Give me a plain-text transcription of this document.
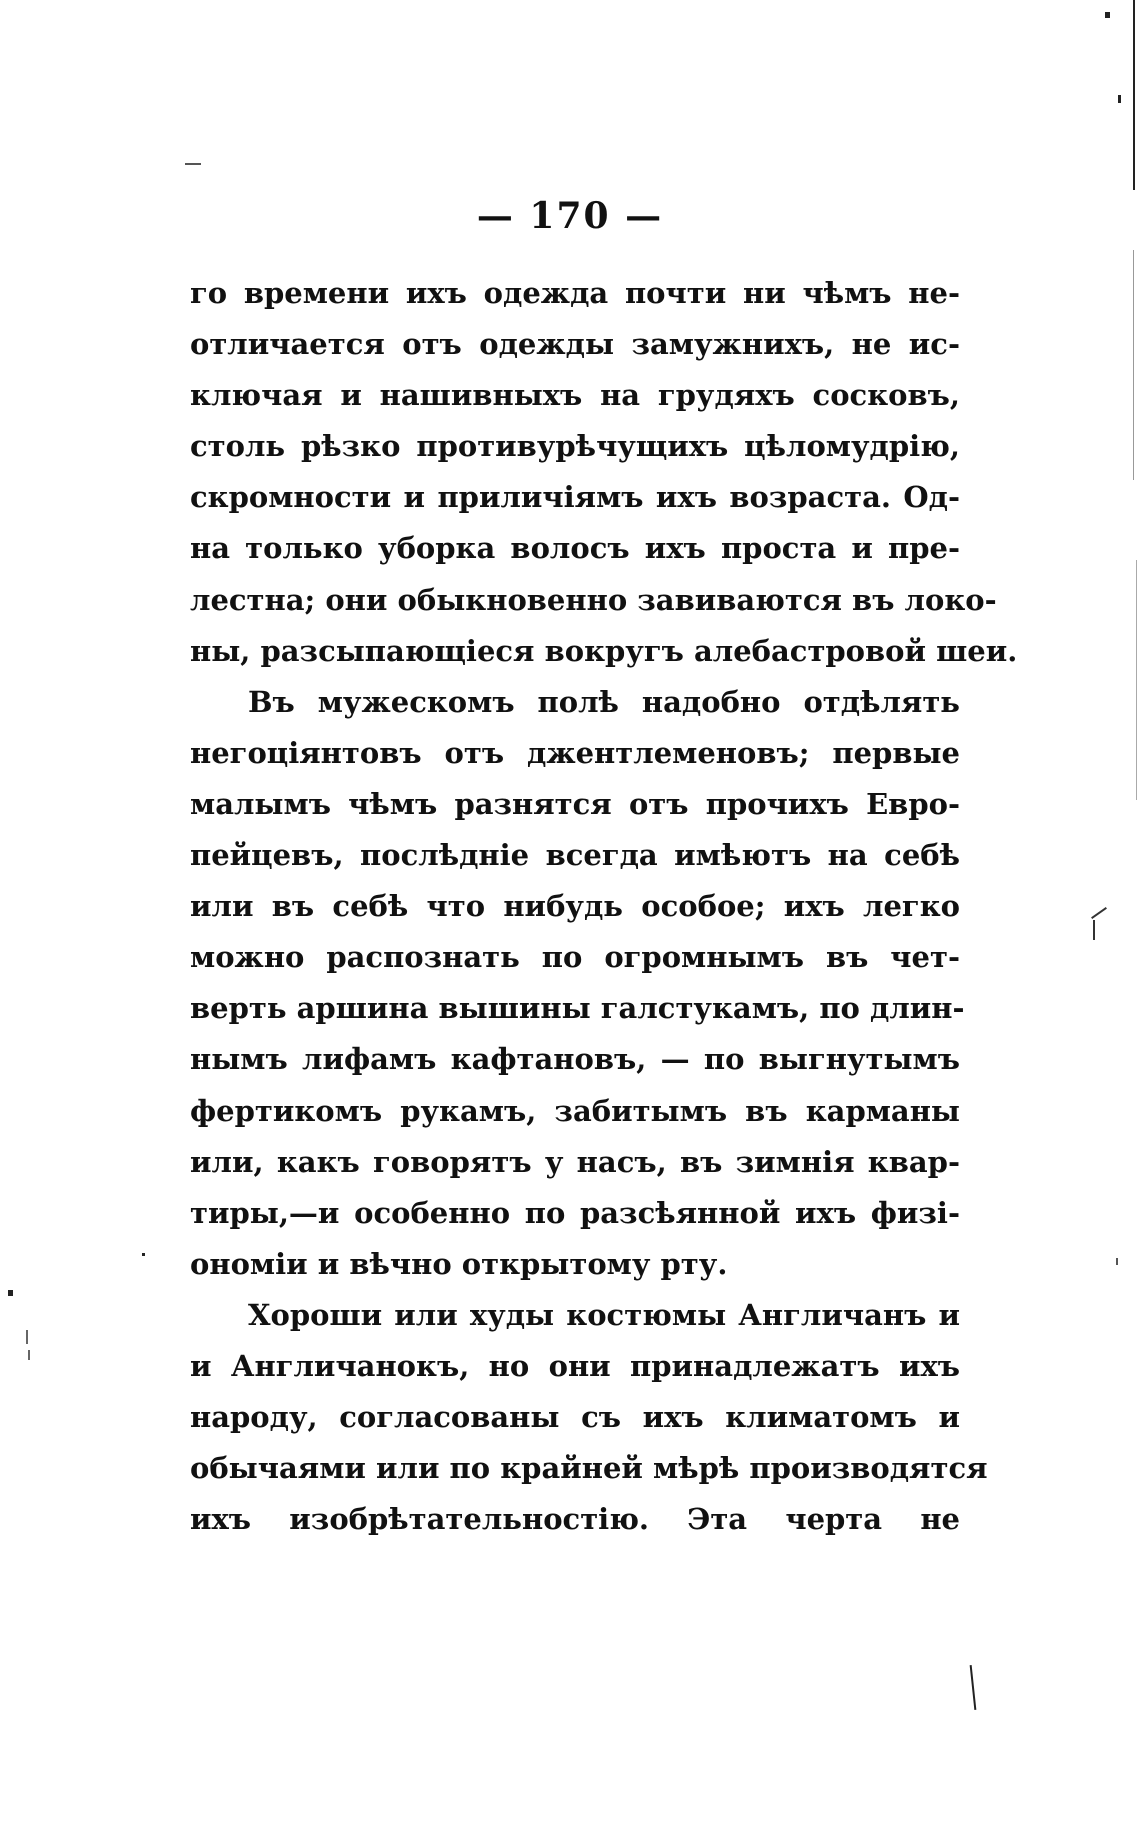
— 170 —
го времени ихъ одежда почти ни чѣмъ не-
отличается отъ одежды замужнихъ, не ис-
ключая и нашивныхъ на грудяхъ сосковъ,
столь рѣзко противурѣчущихъ цѣломудрію,
скромности и приличіямъ ихъ возраста. Од-
на только уборка волосъ ихъ проста и пре-
лестна; они обыкновенно завиваются въ локо-
ны, разсыпающіеся вокругъ алебастровой шеи.
Въ мужескомъ полѣ надобно отдѣлять
негоціянтовъ отъ джентлеменовъ; первые
малымъ чѣмъ разнятся отъ прочихъ Евро-
пейцевъ, послѣдніе всегда имѣютъ на себѣ
или въ себѣ что нибудь особое; ихъ легко
можно распознать по огромнымъ въ чет-
верть аршина вышины галстукамъ, по длин-
нымъ лифамъ кафтановъ, — по выгнутымъ
фертикомъ рукамъ, забитымъ въ карманы
или, какъ говорятъ у насъ, въ зимнія квар-
тиры,—и особенно по разсѣянной ихъ физі-
ономіи и вѣчно открытому рту.
Хороши или худы костюмы Англичанъ и
и Англичанокъ, но они принадлежатъ ихъ
народу, согласованы съ ихъ климатомъ и
обычаями или по крайней мѣрѣ производятся
ихъ изобрѣтательностію. Эта черта не
